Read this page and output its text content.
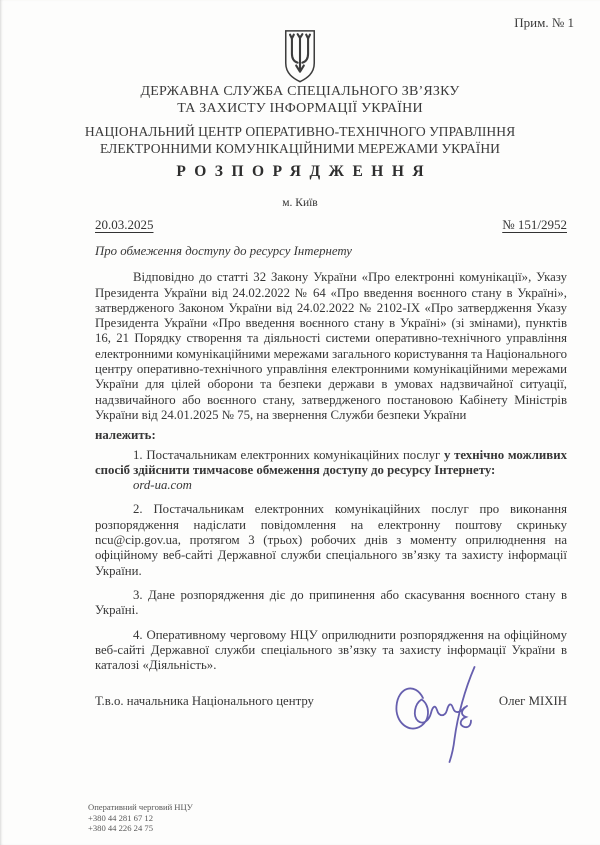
Прим. № 1
ДЕРЖАВНА СЛУЖБА СПЕЦІАЛЬНОГО ЗВ’ЯЗКУ
ТА ЗАХИСТУ ІНФОРМАЦІЇ УКРАЇНИ
НАЦІОНАЛЬНИЙ ЦЕНТР ОПЕРАТИВНО-ТЕХНІЧНОГО УПРАВЛІННЯ
ЕЛЕКТРОННИМИ КОМУНІКАЦІЙНИМИ МЕРЕЖАМИ УКРАЇНИ
РОЗПОРЯДЖЕННЯ
м. Київ
20.03.2025	№ 151/2952

Про обмеження доступу до ресурсу Інтернету

Відповідно до статті 32 Закону України «Про електронні комунікації», Указу Президента України від 24.02.2022 № 64 «Про введення воєнного стану в Україні», затвердженого Законом України від 24.02.2022 № 2102-IX «Про затвердження Указу Президента України «Про введення воєнного стану в Україні» (зі змінами), пунктів 16, 21 Порядку створення та діяльності системи оперативно-технічного управління електронними комунікаційними мережами загального користування та Національного центру оперативно-технічного управління електронними комунікаційними мережами України для цілей оборони та безпеки держави в умовах надзвичайної ситуації, надзвичайного або воєнного стану, затвердженого постановою Кабінету Міністрів України від 24.01.2025 № 75, на звернення Служби безпеки України

належить:

1. Постачальникам електронних комунікаційних послуг у технічно можливих спосіб здійснити тимчасове обмеження доступу до ресурсу Інтернету:

ord-ua.com

2. Постачальникам електронних комунікаційних послуг про виконання розпорядження надіслати повідомлення на електронну поштову скриньку ncu@cip.gov.ua, протягом 3 (трьох) робочих днів з моменту оприлюднення на офіційному веб-сайті Державної служби спеціального зв’язку та захисту інформації України.

3. Дане розпорядження діє до припинення або скасування воєнного стану в Україні.

4. Оперативному черговому НЦУ оприлюднити розпорядження на офіційному веб-сайті Державної служби спеціального зв’язку та захисту інформації України в каталозі «Діяльність».

Т.в.о. начальника Національного центру	Олег МІХІН
Оперативний черговий НЦУ
+380 44 281 67 12
+380 44 226 24 75
